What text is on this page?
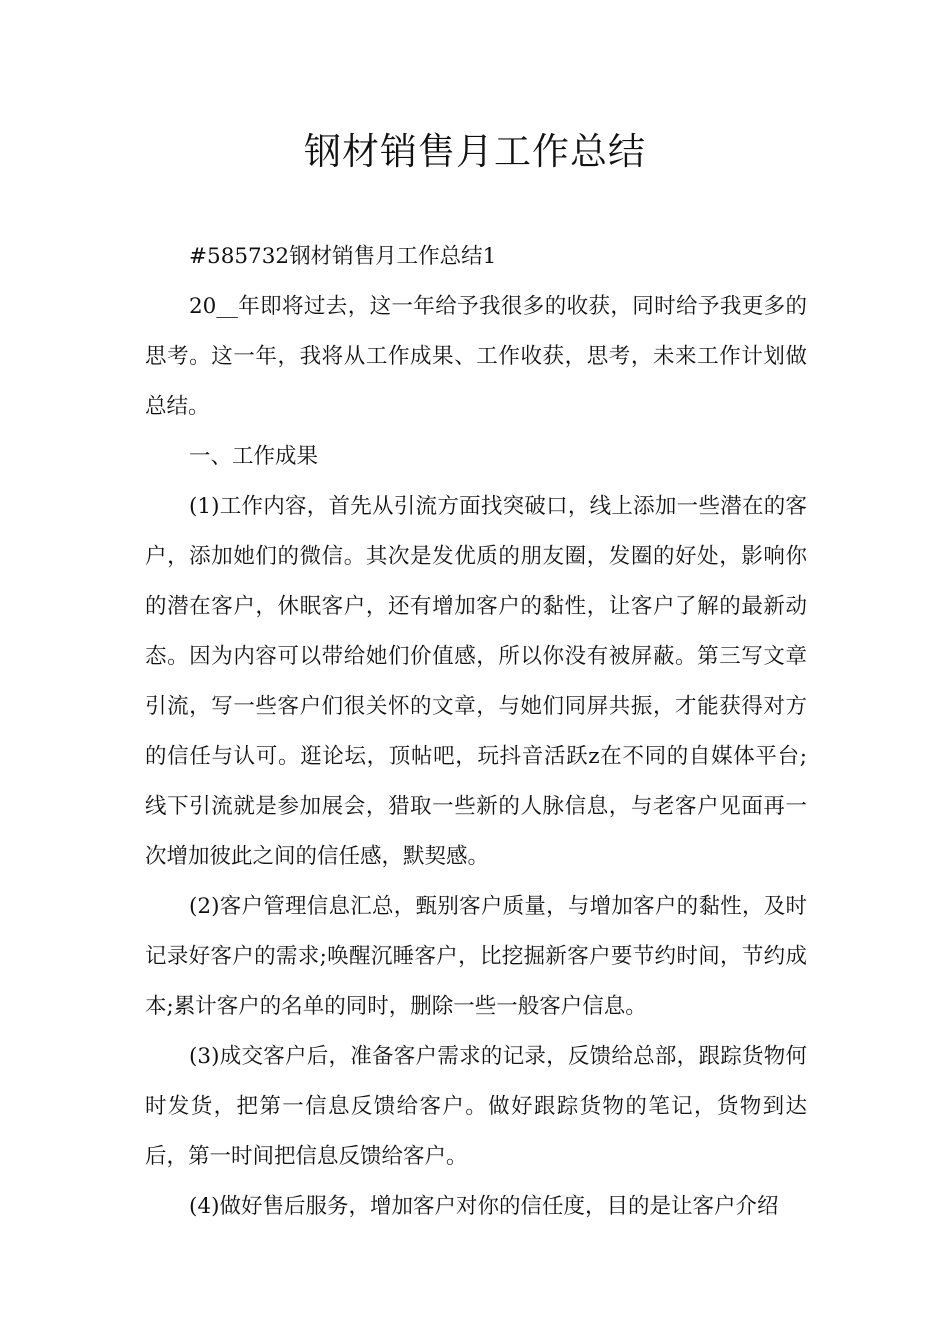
钢材销售月工作总结

#585732钢材销售月工作总结1

20__年即将过去，这一年给予我很多的收获，同时给予我更多的思考。这一年，我将从工作成果、工作收获，思考，未来工作计划做总结。

一、工作成果

(1)工作内容，首先从引流方面找突破口，线上添加一些潜在的客户，添加她们的微信。其次是发优质的朋友圈，发圈的好处，影响你的潜在客户，休眠客户，还有增加客户的黏性，让客户了解的最新动态。因为内容可以带给她们价值感，所以你没有被屏蔽。第三写文章引流，写一些客户们很关怀的文章，与她们同屏共振，才能获得对方的信任与认可。逛论坛，顶帖吧，玩抖音活跃z在不同的自媒体平台;线下引流就是参加展会，猎取一些新的人脉信息，与老客户见面再一次增加彼此之间的信任感，默契感。

(2)客户管理信息汇总，甄别客户质量，与增加客户的黏性，及时记录好客户的需求;唤醒沉睡客户，比挖掘新客户要节约时间，节约成本;累计客户的名单的同时，删除一些一般客户信息。

(3)成交客户后，准备客户需求的记录，反馈给总部，跟踪货物何时发货，把第一信息反馈给客户。做好跟踪货物的笔记，货物到达后，第一时间把信息反馈给客户。

(4)做好售后服务，增加客户对你的信任度，目的是让客户介绍
